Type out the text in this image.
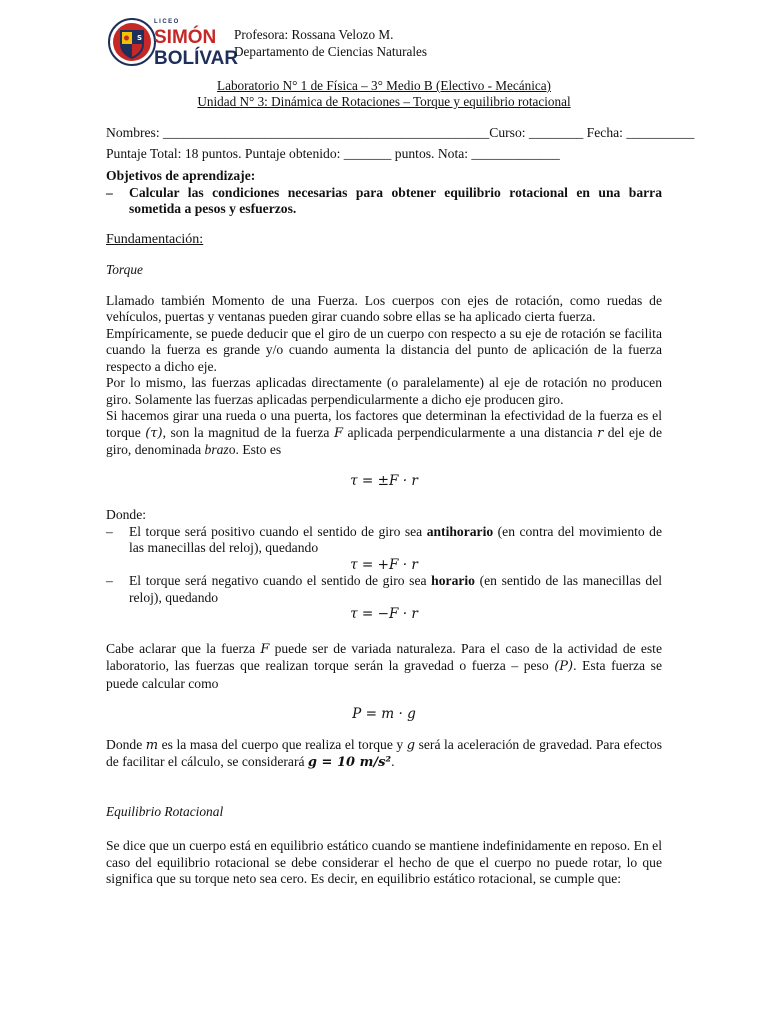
S
LICEO
SIMÓN
BOLÍVAR
Profesora: Rossana Velozo M.
Departamento de Ciencias Naturales
Laboratorio N° 1 de Física – 3° Medio B (Electivo - Mecánica)
Unidad N° 3: Dinámica de Rotaciones – Torque y equilibrio rotacional
Nombres: ________________________________________________Curso: ________ Fecha: __________
Puntaje Total: 18 puntos. Puntaje obtenido: _______ puntos. Nota: _____________
Objetivos de aprendizaje:
–	Calcular las condiciones necesarias para obtener equilibrio rotacional en una barra sometida a pesos y esfuerzos.
Fundamentación:
Torque

Llamado también Momento de una Fuerza. Los cuerpos con ejes de rotación, como ruedas de vehículos, puertas y ventanas pueden girar cuando sobre ellas se ha aplicado cierta fuerza.

Empíricamente, se puede deducir que el giro de un cuerpo con respecto a su eje de rotación se facilita cuando la fuerza es grande y/o cuando aumenta la distancia del punto de aplicación de la fuerza respecto a dicho eje.

Por lo mismo, las fuerzas aplicadas directamente (o paralelamente) al eje de rotación no producen giro. Solamente las fuerzas aplicadas perpendicularmente a dicho eje producen giro.

Si hacemos girar una rueda o una puerta, los factores que determinan la efectividad de la fuerza es el torque (τ), son la magnitud de la fuerza F aplicada perpendicularmente a una distancia r del eje de giro, denominada brazo. Esto es

τ = ±F · r
Donde:
–	El torque será positivo cuando el sentido de giro sea antihorario (en contra del movimiento de las manecillas del reloj), quedando
τ = +F · r
–	El torque será negativo cuando el sentido de giro sea horario (en sentido de las manecillas del reloj), quedando
τ = −F · r

Cabe aclarar que la fuerza F puede ser de variada naturaleza. Para el caso de la actividad de este laboratorio, las fuerzas que realizan torque serán la gravedad o fuerza – peso (P). Esta fuerza se puede calcular como

P = m · g

Donde m es la masa del cuerpo que realiza el torque y g será la aceleración de gravedad. Para efectos de facilitar el cálculo, se considerará g = 10 m/s².

Equilibrio Rotacional

Se dice que un cuerpo está en equilibrio estático cuando se mantiene indefinidamente en reposo. En el caso del equilibrio rotacional se debe considerar el hecho de que el cuerpo no puede rotar, lo que significa que su torque neto sea cero. Es decir, en equilibrio estático rotacional, se cumple que:
